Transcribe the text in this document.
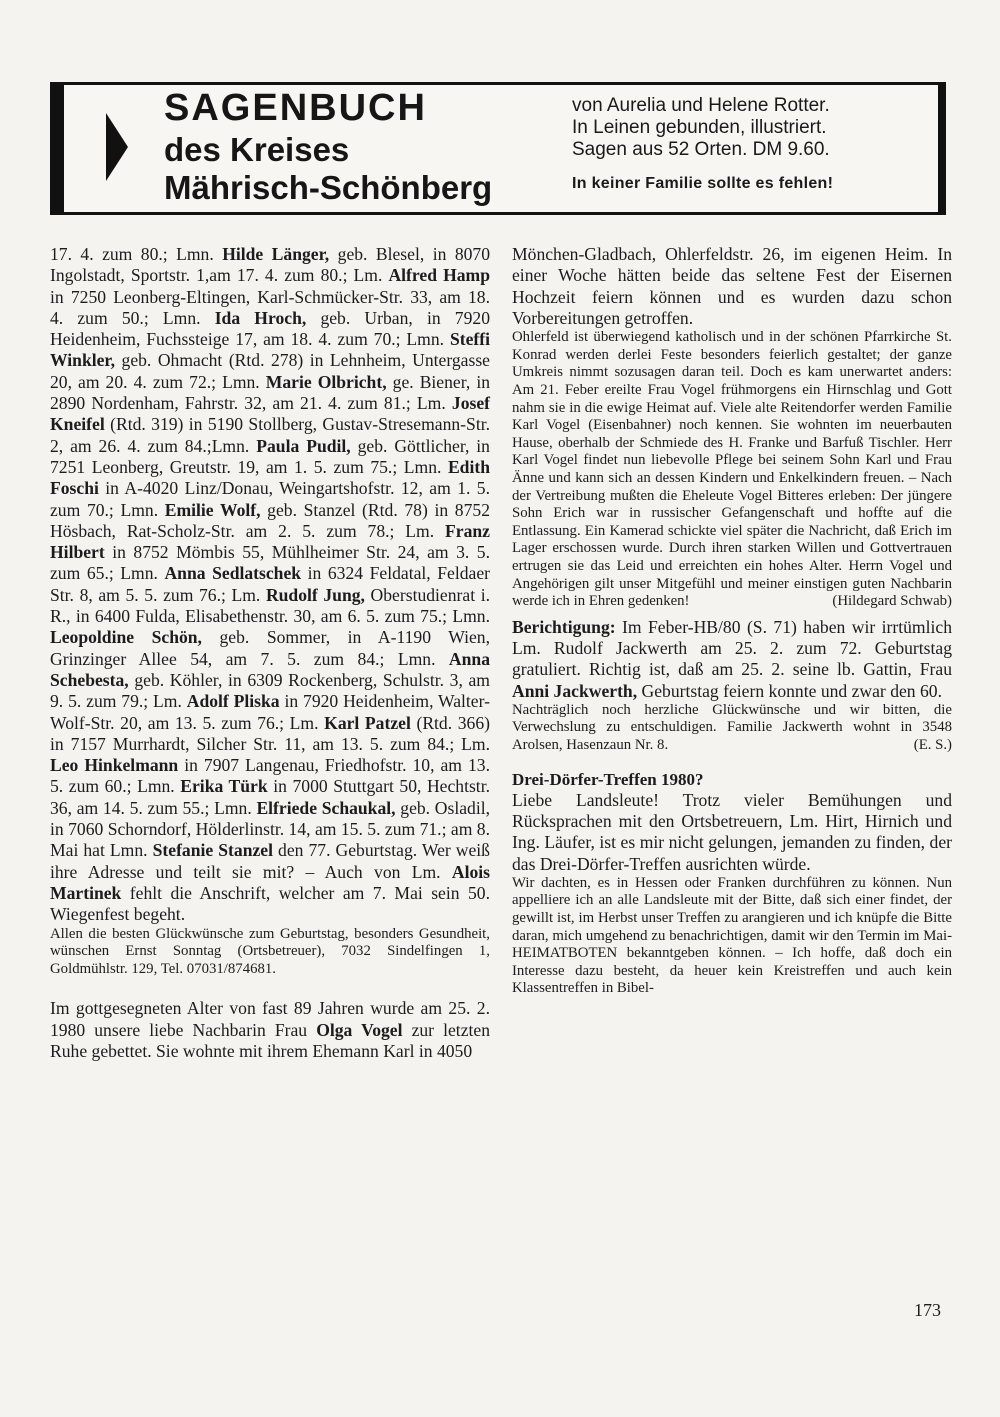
SAGENBUCH
des Kreises
Mährisch-Schönberg
von Aurelia und Helene Rotter.
In Leinen gebunden, illustriert.
Sagen aus 52 Orten. DM 9.60.
In keiner Familie sollte es fehlen!

17. 4. zum 80.; Lmn. Hilde Länger, geb. Blesel, in 8070 Ingolstadt, Sportstr. 1,am 17. 4. zum 80.; Lm. Alfred Hamp in 7250 Leonberg-Eltingen, Karl-Schmücker-Str. 33, am 18. 4. zum 50.; Lmn. Ida Hroch, geb. Urban, in 7920 Heidenheim, Fuchssteige 17, am 18. 4. zum 70.; Lmn. Steffi Winkler, geb. Ohmacht (Rtd. 278) in Lehnheim, Untergasse 20, am 20. 4. zum 72.; Lmn. Marie Olbricht, ge. Biener, in 2890 Nordenham, Fahrstr. 32, am 21. 4. zum 81.; Lm. Josef Kneifel (Rtd. 319) in 5190 Stollberg, Gustav-Stresemann-Str. 2, am 26. 4. zum 84.;Lmn. Paula Pudil, geb. Göttlicher, in 7251 Leonberg, Greutstr. 19, am 1. 5. zum 75.; Lmn. Edith Foschi in A-4020 Linz/Donau, Weingartshofstr. 12, am 1. 5. zum 70.; Lmn. Emilie Wolf, geb. Stanzel (Rtd. 78) in 8752 Hösbach, Rat-Scholz-Str. am 2. 5. zum 78.; Lm. Franz Hilbert in 8752 Mömbis 55, Mühlheimer Str. 24, am 3. 5. zum 65.; Lmn. Anna Sedlatschek in 6324 Feldatal, Feldaer Str. 8, am 5. 5. zum 76.; Lm. Rudolf Jung, Oberstudienrat i. R., in 6400 Fulda, Elisabethenstr. 30, am 6. 5. zum 75.; Lmn. Leopoldine Schön, geb. Sommer, in A-1190 Wien, Grinzinger Allee 54, am 7. 5. zum 84.; Lmn. Anna Schebesta, geb. Köhler, in 6309 Rockenberg, Schulstr. 3, am 9. 5. zum 79.; Lm. Adolf Pliska in 7920 Heidenheim, Walter-Wolf-Str. 20, am 13. 5. zum 76.; Lm. Karl Patzel (Rtd. 366) in 7157 Murrhardt, Silcher Str. 11, am 13. 5. zum 84.; Lm. Leo Hinkelmann in 7907 Langenau, Friedhofstr. 10, am 13. 5. zum 60.; Lmn. Erika Türk in 7000 Stuttgart 50, Hechtstr. 36, am 14. 5. zum 55.; Lmn. Elfriede Schaukal, geb. Osladil, in 7060 Schorndorf, Hölderlinstr. 14, am 15. 5. zum 71.; am 8. Mai hat Lmn. Stefanie Stanzel den 77. Geburtstag. Wer weiß ihre Adresse und teilt sie mit? – Auch von Lm. Alois Martinek fehlt die Anschrift, welcher am 7. Mai sein 50. Wiegenfest begeht.

Allen die besten Glückwünsche zum Geburtstag, besonders Gesundheit, wünschen Ernst Sonntag (Ortsbetreuer), 7032 Sindelfingen 1, Goldmühlstr. 129, Tel. 07031/874681.

Im gottgesegneten Alter von fast 89 Jahren wurde am 25. 2. 1980 unsere liebe Nachbarin Frau Olga Vogel zur letzten Ruhe gebettet. Sie wohnte mit ihrem Ehemann Karl in 4050

Mönchen-Gladbach, Ohlerfeldstr. 26, im eigenen Heim. In einer Woche hätten beide das seltene Fest der Eisernen Hochzeit feiern können und es wurden dazu schon Vorbereitungen getroffen.

Ohlerfeld ist überwiegend katholisch und in der schönen Pfarrkirche St. Konrad werden derlei Feste besonders feierlich gestaltet; der ganze Umkreis nimmt sozusagen daran teil. Doch es kam unerwartet anders: Am 21. Feber ereilte Frau Vogel frühmorgens ein Hirnschlag und Gott nahm sie in die ewige Heimat auf. Viele alte Reitendorfer werden Familie Karl Vogel (Eisenbahner) noch kennen. Sie wohnten im neuerbauten Hause, oberhalb der Schmiede des H. Franke und Barfuß Tischler. Herr Karl Vogel findet nun liebevolle Pflege bei seinem Sohn Karl und Frau Änne und kann sich an dessen Kindern und Enkelkindern freuen. – Nach der Vertreibung mußten die Eheleute Vogel Bitteres erleben: Der jüngere Sohn Erich war in russischer Gefangenschaft und hoffte auf die Entlassung. Ein Kamerad schickte viel später die Nachricht, daß Erich im Lager erschossen wurde. Durch ihren starken Willen und Gottvertrauen ertrugen sie das Leid und erreichten ein hohes Alter. Herrn Vogel und Angehörigen gilt unser Mitgefühl und meiner einstigen guten Nachbarin werde ich in Ehren gedenken!	(Hildegard Schwab)

Berichtigung: Im Feber-HB/80 (S. 71) haben wir irrtümlich Lm. Rudolf Jackwerth am 25. 2. zum 72. Geburtstag gratuliert. Richtig ist, daß am 25. 2. seine lb. Gattin, Frau Anni Jackwerth, Geburtstag feiern konnte und zwar den 60.

Nachträglich noch herzliche Glückwünsche und wir bitten, die Verwechslung zu entschuldigen. Familie Jackwerth wohnt in 3548 Arolsen, Hasenzaun Nr. 8.	(E. S.)

Drei-Dörfer-Treffen 1980?

Liebe Landsleute! Trotz vieler Bemühungen und Rücksprachen mit den Ortsbetreuern, Lm. Hirt, Hirnich und Ing. Läufer, ist es mir nicht gelungen, jemanden zu finden, der das Drei-Dörfer-Treffen ausrichten würde.

Wir dachten, es in Hessen oder Franken durchführen zu können. Nun appelliere ich an alle Landsleute mit der Bitte, daß sich einer findet, der gewillt ist, im Herbst unser Treffen zu arangieren und ich knüpfe die Bitte daran, mich umgehend zu benachrichtigen, damit wir den Termin im Mai-HEIMATBOTEN bekanntgeben können. – Ich hoffe, daß doch ein Interesse dazu besteht, da heuer kein Kreistreffen und auch kein Klassentreffen in Bibel-

173
